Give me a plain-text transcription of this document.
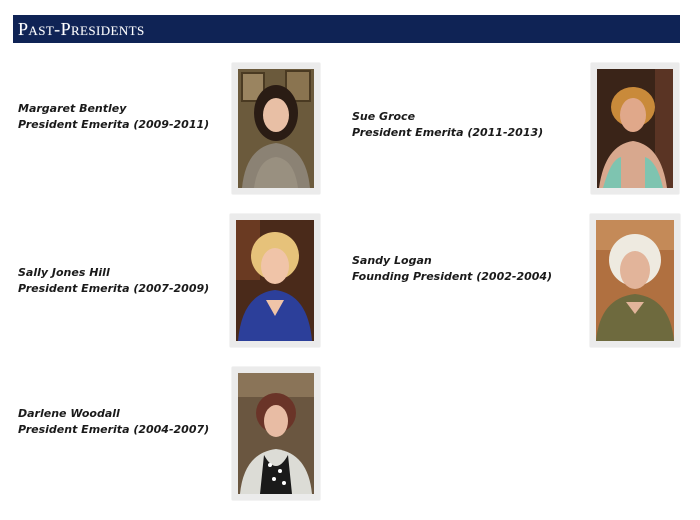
Past-Presidents
Margaret Bentley
President Emerita (2009-2011)
Sue Groce
President Emerita (2011-2013)
Sally Jones Hill
President Emerita (2007-2009)
Sandy Logan
Founding President (2002-2004)
Darlene Woodall
President Emerita (2004-2007)
